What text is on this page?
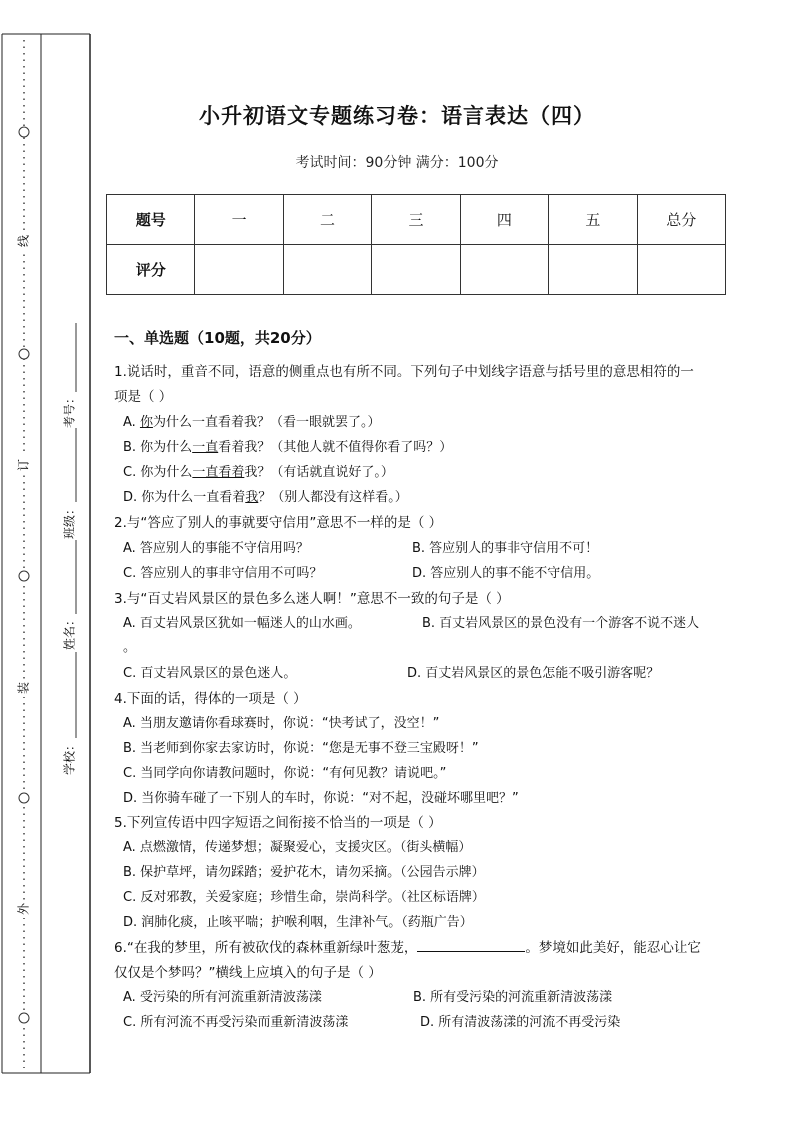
线
订
装
外
考号：
班级：
姓名：
学校：
小升初语文专题练习卷：语言表达（四）
考试时间：90分钟 满分：100分
题号	一	二	三	四	五	总分
评分						
一、单选题（10题，共20分）
1.说话时，重音不同，语意的侧重点也有所不同。下列句子中划线字语意与括号里的意思相符的一
项是（ ）
A. 你为什么一直看着我？（看一眼就罢了。）
B. 你为什么一直看着我？（其他人就不值得你看了吗？）
C. 你为什么一直看着我？（有话就直说好了。）
D. 你为什么一直看着我？（别人都没有这样看。）
2.与“答应了别人的事就要守信用”意思不一样的是（ ）
A. 答应别人的事能不守信用吗？	B. 答应别人的事非守信用不可！
C. 答应别人的事非守信用不可吗？	D. 答应别人的事不能不守信用。
3.与“百丈岩风景区的景色多么迷人啊！”意思不一致的句子是（ ）
A. 百丈岩风景区犹如一幅迷人的山水画。	B. 百丈岩风景区的景色没有一个游客不说不迷人
。
C. 百丈岩风景区的景色迷人。	D. 百丈岩风景区的景色怎能不吸引游客呢？
4.下面的话，得体的一项是（ ）
A. 当朋友邀请你看球赛时，你说：“快考试了，没空！”
B. 当老师到你家去家访时，你说：“您是无事不登三宝殿呀！”
C. 当同学向你请教问题时，你说：“有何见教？请说吧。”
D. 当你骑车碰了一下别人的车时，你说：“对不起，没碰坏哪里吧？”
5.下列宣传语中四字短语之间衔接不恰当的一项是（ ）
A. 点燃激情，传递梦想；凝聚爱心，支援灾区。（街头横幅）
B. 保护草坪，请勿踩踏；爱护花木，请勿采摘。（公园告示牌）
C. 反对邪教，关爱家庭；珍惜生命，崇尚科学。（社区标语牌）
D. 润肺化痰，止咳平喘；护喉利咽，生津补气。（药瓶广告）
6.“在我的梦里，所有被砍伐的森林重新绿叶葱茏，	。梦境如此美好，能忍心让它
仅仅是个梦吗？”横线上应填入的句子是（ ）
A. 受污染的所有河流重新清波荡漾	B. 所有受污染的河流重新清波荡漾
C. 所有河流不再受污染而重新清波荡漾	D. 所有清波荡漾的河流不再受污染
